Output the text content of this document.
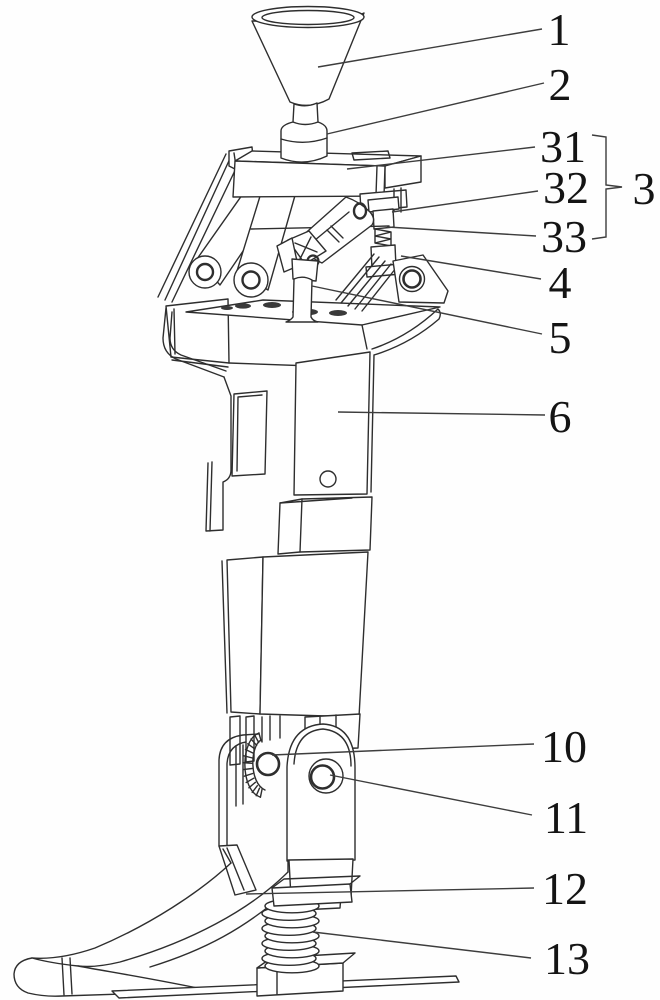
1
2
31
32
33
4
5
6
10
11
12
13
3
